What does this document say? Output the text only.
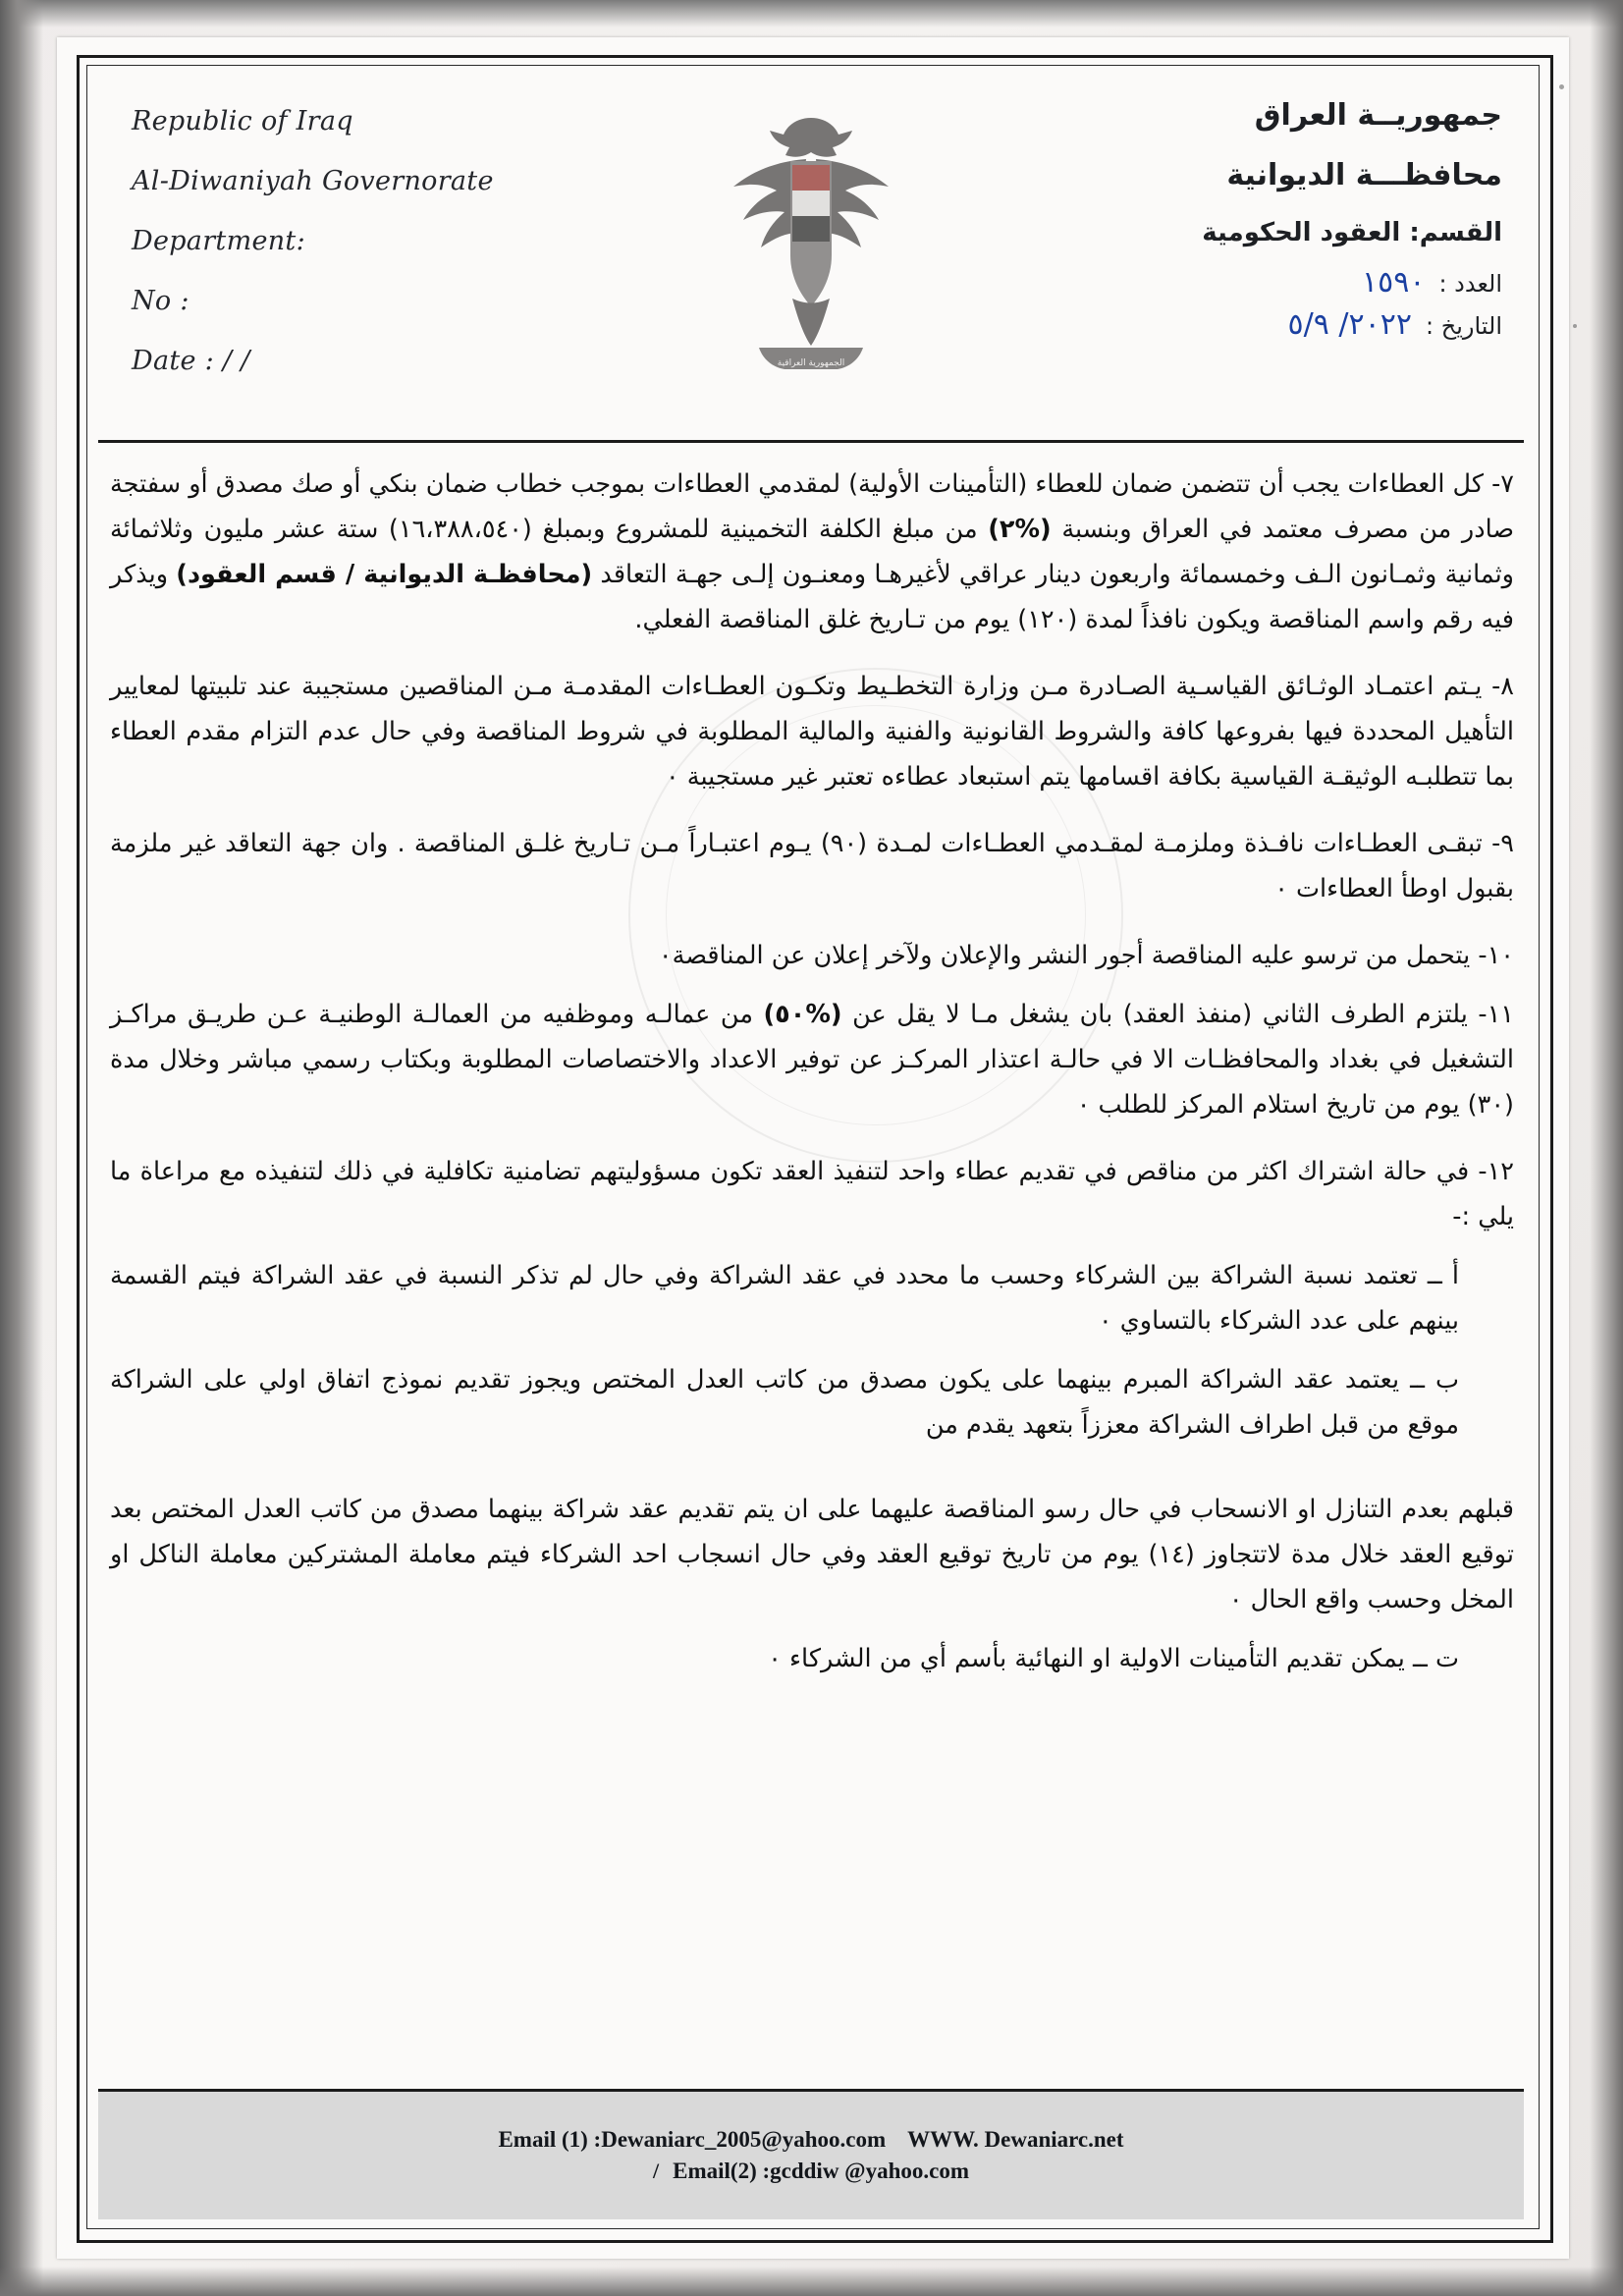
Republic of Iraq
Al-Diwaniyah Governorate
Department:
No :
Date : / /	الجمهورية العراقية
جمهوريــة العراق
محافظـــة الديوانية
القسم: العقود الحكومية
العدد :
١٥٩٠
التاريخ :
٢٠٢٢/ ٥/٩

٧- كل العطاءات يجب أن تتضمن ضمان للعطاء (التأمينات الأولية) لمقدمي العطاءات بموجب خطاب ضمان بنكي أو صك مصدق أو سفتجة صادر من مصرف معتمد في العراق وبنسبة (%٢) من مبلغ الكلفة التخمينية للمشروع وبمبلغ (١٦،٣٨٨،٥٤٠) ستة عشر مليون وثلاثمائة وثمانية وثمـانون الـف وخمسمائة واربعون دينار عراقي لأغيرهـا ومعنـون إلـى جهـة التعاقد (محافظـة الديوانية / قسم العقود) ويذكر فيه رقم واسم المناقصة ويكون نافذاً لمدة (١٢٠) يوم من تـاريخ غلق المناقصة الفعلي.

٨- يـتم اعتمـاد الوثـائق القياسـية الصـادرة مـن وزارة التخطـيط وتكـون العطـاءات المقدمـة مـن المناقصين مستجيبة عند تلبيتها لمعايير التأهيل المحددة فيها بفروعها كافة والشروط القانونية والفنية والمالية المطلوبة في شروط المناقصة وفي حال عدم التزام مقدم العطاء بما تتطلبـه الوثيقـة القياسية بكافة اقسامها يتم استبعاد عطاءه تعتبر غير مستجيبة ٠

٩- تبقـى العطـاءات نافـذة وملزمـة لمقـدمي العطـاءات لمـدة (٩٠) يـوم اعتبـاراً مـن تـاريخ غلـق المناقصة . وان جهة التعاقد غير ملزمة بقبول اوطأ العطاءات ٠

١٠- يتحمل من ترسو عليه المناقصة أجور النشر والإعلان ولآخر إعلان عن المناقصة٠

١١- يلتزم الطرف الثاني (منفذ العقد) بان يشغل مـا لا يقل عن (%٥٠) من عمالـه وموظفيه من العمالـة الوطنيـة عـن طريـق مراكـز التشغيل في بغداد والمحافظـات الا في حالـة اعتذار المركـز عن توفير الاعداد والاختصاصات المطلوبة وبكتاب رسمي مباشر وخلال مدة (٣٠) يوم من تاريخ استلام المركز للطلب ٠

١٢- في حالة اشتراك اكثر من مناقص في تقديم عطاء واحد لتنفيذ العقد تكون مسؤوليتهم تضامنية تكافلية في ذلك لتنفيذه مع مراعاة ما يلي :-

أ ــ تعتمد نسبة الشراكة بين الشركاء وحسب ما محدد في عقد الشراكة وفي حال لم تذكر النسبة في عقد الشراكة فيتم القسمة بينهم على عدد الشركاء بالتساوي ٠

ب ــ يعتمد عقد الشراكة المبرم بينهما على يكون مصدق من كاتب العدل المختص ويجوز تقديم نموذج اتفاق اولي على الشراكة موقع من قبل اطراف الشراكة معززاً بتعهد يقدم من

قبلهم بعدم التنازل او الانسحاب في حال رسو المناقصة عليهما على ان يتم تقديم عقد شراكة بينهما مصدق من كاتب العدل المختص بعد توقيع العقد خلال مدة لاتتجاوز (١٤) يوم من تاريخ توقيع العقد وفي حال انسجاب احد الشركاء فيتم معاملة المشتركين معاملة الناكل او المخل وحسب واقع الحال ٠

ت ــ يمكن تقديم التأمينات الاولية او النهائية بأسم أي من الشركاء ٠

Email (1) :Dewaniarc_2005@yahoo.com WWW. Dewaniarc.net
/ Email(2) :gcddiw @yahoo.com
